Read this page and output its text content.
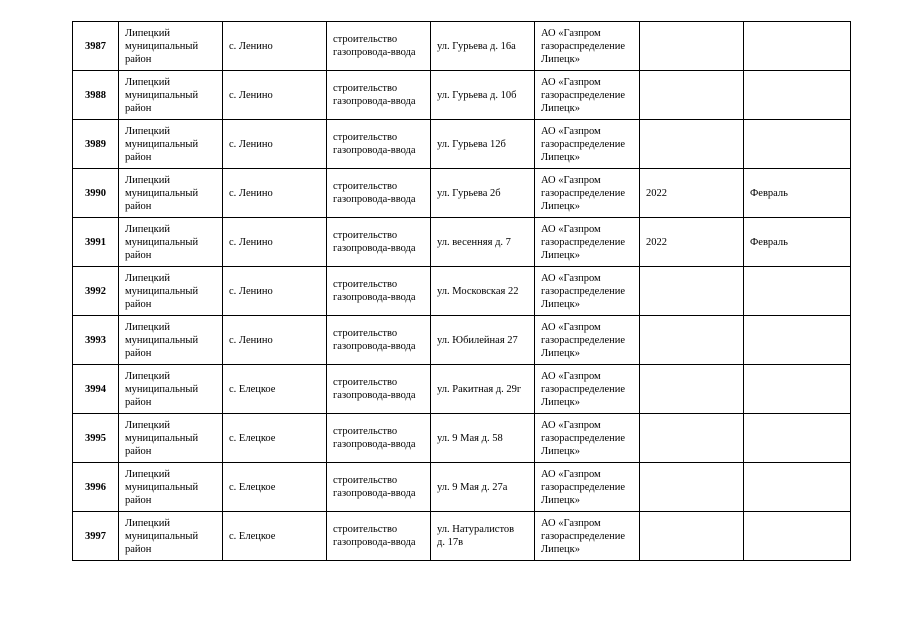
3987	Липецкий
муниципальный
район	с. Ленино	строительство
газопровода-ввода	ул. Гурьева д. 16а	АО «Газпром
газораспределение
Липецк»		

3988	Липецкий
муниципальный
район	с. Ленино	строительство
газопровода-ввода	ул. Гурьева д. 10б	АО «Газпром
газораспределение
Липецк»		

3989	Липецкий
муниципальный
район	с. Ленино	строительство
газопровода-ввода	ул. Гурьева 12б	АО «Газпром
газораспределение
Липецк»		

3990	Липецкий
муниципальный
район	с. Ленино	строительство
газопровода-ввода	ул. Гурьева 2б	АО «Газпром
газораспределение
Липецк»	2022	Февраль
3991	Липецкий
муниципальный
район	с. Ленино	строительство
газопровода-ввода	ул. весенняя д. 7	АО «Газпром
газораспределение
Липецк»	2022	Февраль
3992	Липецкий
муниципальный
район	с. Ленино	строительство
газопровода-ввода	ул. Московская 22	АО «Газпром
газораспределение
Липецк»		

3993	Липецкий
муниципальный
район	с. Ленино	строительство
газопровода-ввода	ул. Юбилейная 27	АО «Газпром
газораспределение
Липецк»		

3994	Липецкий
муниципальный
район	с. Елецкое	строительство
газопровода-ввода	ул. Ракитная д. 29г	АО «Газпром
газораспределение
Липецк»		

3995	Липецкий
муниципальный
район	с. Елецкое	строительство
газопровода-ввода	ул. 9 Мая д. 58	АО «Газпром
газораспределение
Липецк»		

3996	Липецкий
муниципальный
район	с. Елецкое	строительство
газопровода-ввода	ул. 9 Мая д. 27а	АО «Газпром
газораспределение
Липецк»		

3997	Липецкий
муниципальный
район	с. Елецкое	строительство
газопровода-ввода	ул. Натуралистов
д. 17в	АО «Газпром
газораспределение
Липецк»		
